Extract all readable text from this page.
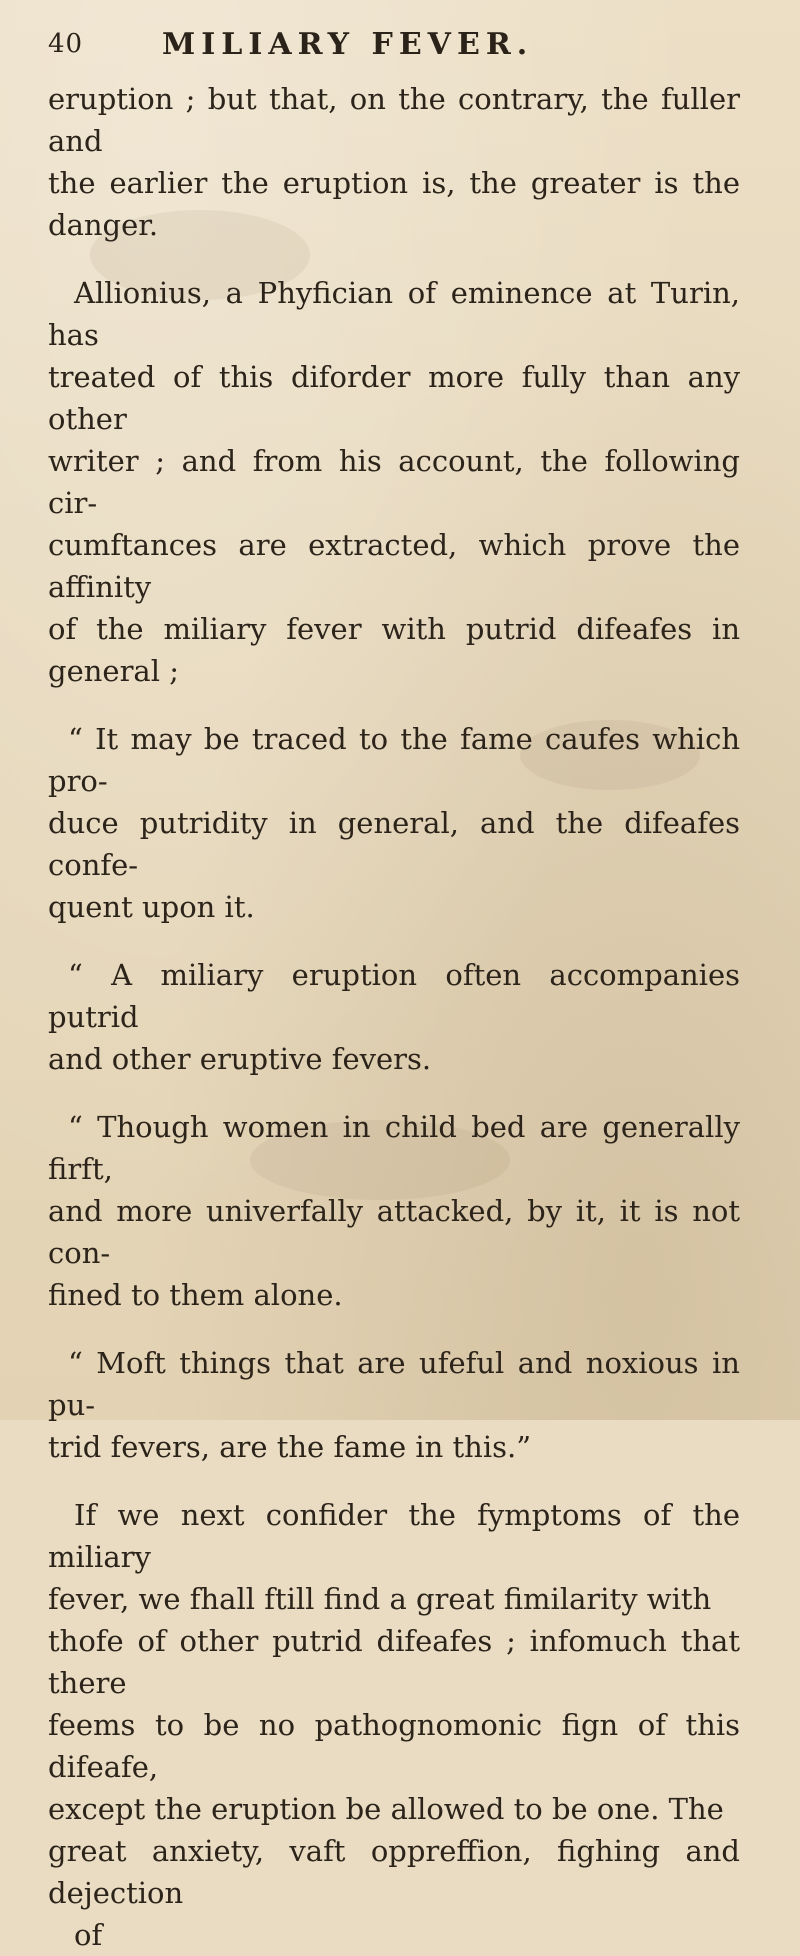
40	MILIARY FEVER.

eruption ; but that, on the contrary, the fuller and
the earlier the eruption is, the greater is the danger.

Allionius, a Phyfician of eminence at Turin, has
treated of this diforder more fully than any other
writer ; and from his account, the following cir-
cumftances are extracted, which prove the affinity
of the miliary fever with putrid difeafes in general ;

“ It may be traced to the fame caufes which pro-
duce putridity in general, and the difeafes confe-
quent upon it.

“ A miliary eruption often accompanies putrid
and other eruptive fevers.

“ Though women in child bed are generally firft,
and more univerfally attacked, by it, it is not con-
fined to them alone.

“ Moft things that are ufeful and noxious in pu-
trid fevers, are the fame in this.”

If we next confider the fymptoms of the miliary
fever, we fhall ftill find a great fimilarity with
thofe of other putrid difeafes ; infomuch that there
feems to be no pathognomonic fign of this difeafe,
except the eruption be allowed to be one. The
great anxiety, vaft oppreffion, fighing and dejection
of
